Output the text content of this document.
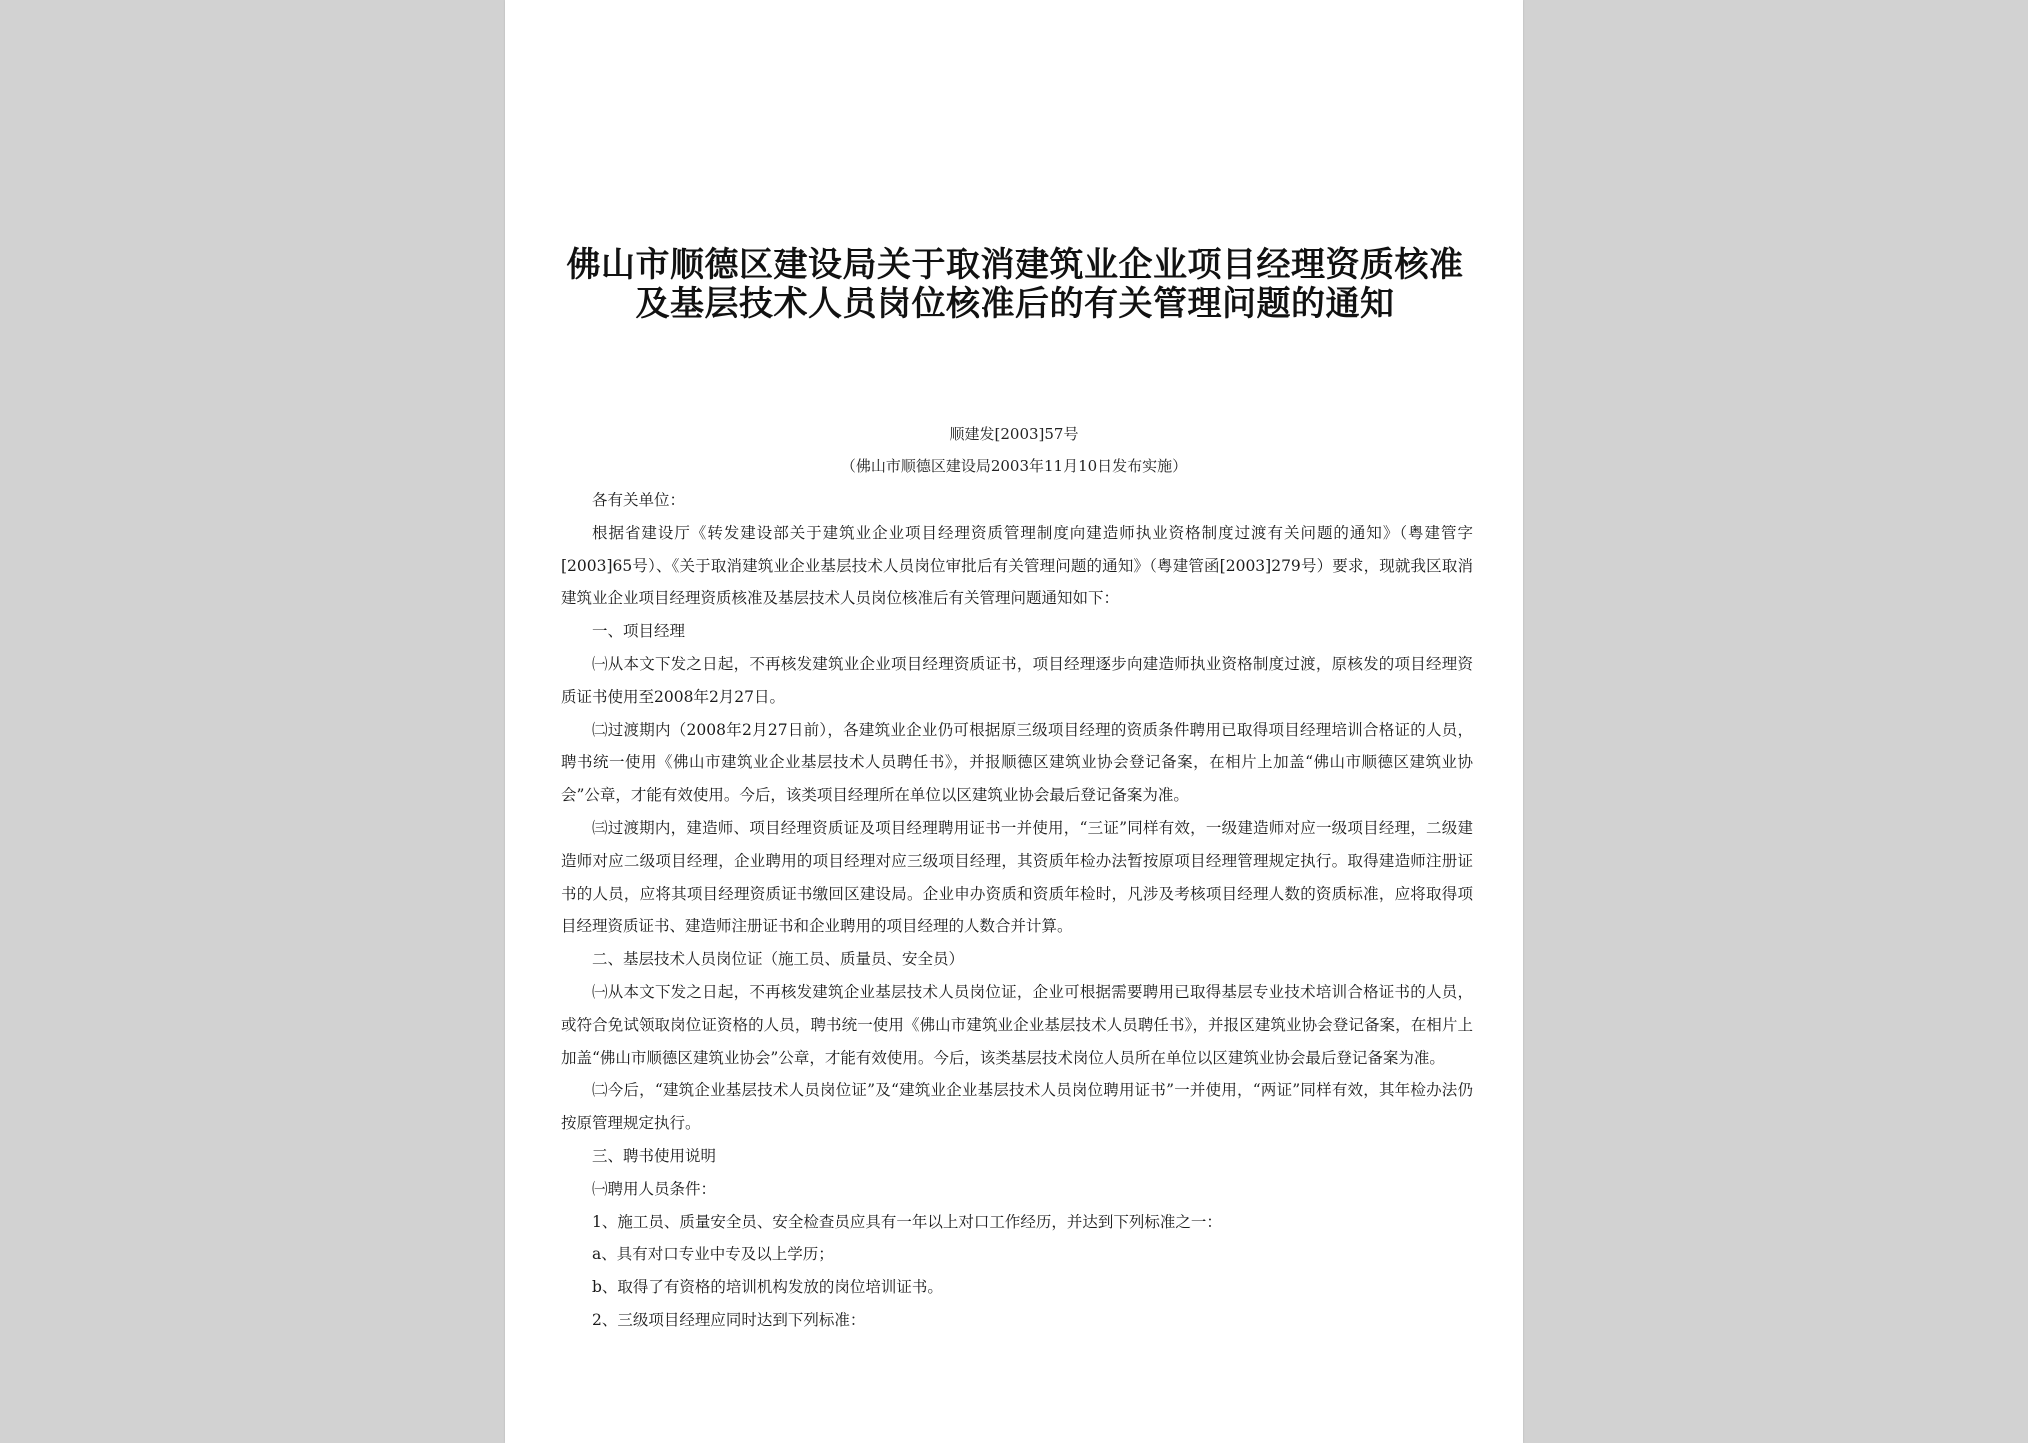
佛山市顺德区建设局关于取消建筑业企业项目经理资质核准及基层技术人员岗位核准后的有关管理问题的通知
顺建发[2003]57号
（佛山市顺德区建设局2003年11月10日发布实施）

各有关单位：

根据省建设厅《转发建设部关于建筑业企业项目经理资质管理制度向建造师执业资格制度过渡有关问题的通知》（粤建管字[2003]65号）、《关于取消建筑业企业基层技术人员岗位审批后有关管理问题的通知》（粤建管函[2003]279号）要求，现就我区取消建筑业企业项目经理资质核准及基层技术人员岗位核准后有关管理问题通知如下：

一、项目经理

㈠从本文下发之日起，不再核发建筑业企业项目经理资质证书，项目经理逐步向建造师执业资格制度过渡，原核发的项目经理资质证书使用至2008年2月27日。

㈡过渡期内（2008年2月27日前），各建筑业企业仍可根据原三级项目经理的资质条件聘用已取得项目经理培训合格证的人员，聘书统一使用《佛山市建筑业企业基层技术人员聘任书》，并报顺德区建筑业协会登记备案，在相片上加盖“佛山市顺德区建筑业协会”公章，才能有效使用。今后，该类项目经理所在单位以区建筑业协会最后登记备案为准。

㈢过渡期内，建造师、项目经理资质证及项目经理聘用证书一并使用，“三证”同样有效，一级建造师对应一级项目经理，二级建造师对应二级项目经理，企业聘用的项目经理对应三级项目经理，其资质年检办法暂按原项目经理管理规定执行。取得建造师注册证书的人员，应将其项目经理资质证书缴回区建设局。企业申办资质和资质年检时，凡涉及考核项目经理人数的资质标准，应将取得项目经理资质证书、建造师注册证书和企业聘用的项目经理的人数合并计算。

二、基层技术人员岗位证（施工员、质量员、安全员）

㈠从本文下发之日起，不再核发建筑企业基层技术人员岗位证，企业可根据需要聘用已取得基层专业技术培训合格证书的人员，或符合免试领取岗位证资格的人员，聘书统一使用《佛山市建筑业企业基层技术人员聘任书》，并报区建筑业协会登记备案，在相片上加盖“佛山市顺德区建筑业协会”公章，才能有效使用。今后，该类基层技术岗位人员所在单位以区建筑业协会最后登记备案为准。

㈡今后，“建筑企业基层技术人员岗位证”及“建筑业企业基层技术人员岗位聘用证书”一并使用，“两证”同样有效，其年检办法仍按原管理规定执行。

三、聘书使用说明

㈠聘用人员条件：

1、施工员、质量安全员、安全检查员应具有一年以上对口工作经历，并达到下列标准之一：

a、具有对口专业中专及以上学历；

b、取得了有资格的培训机构发放的岗位培训证书。

2、三级项目经理应同时达到下列标准：
